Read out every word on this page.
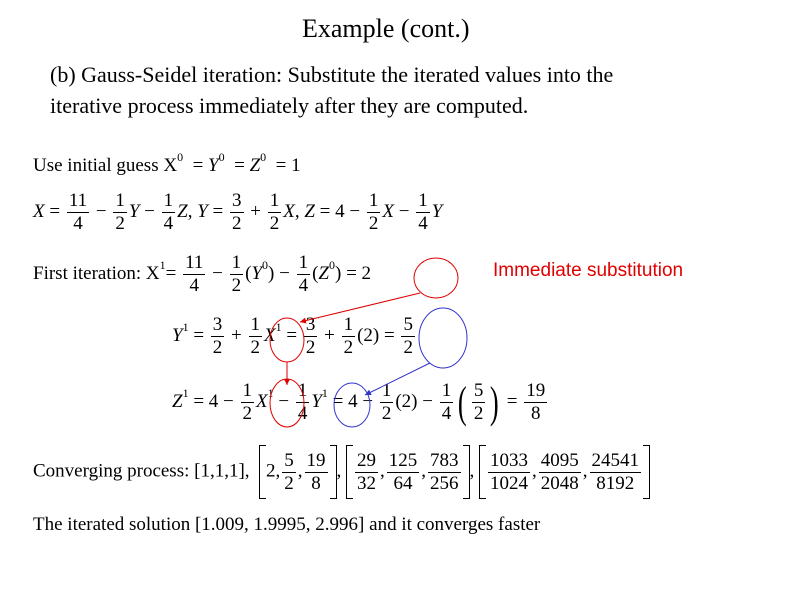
Example (cont.)
(b) Gauss-Seidel iteration: Substitute the iterated values into the
iterative process immediately after they are computed.
Use initial guess $X^0 = Y^0 = Z^0 = 1$
$X = \frac{11}{4} - \frac{1}{2}$ $Y - \frac{1}{4} Z$, $Y = \frac{3}{2} + \frac{1}{2} X$, $Z = 4 - \frac{1}{2}$ $X - \frac{1}{4}$ Y
First iteration: $X^1= \frac{11}{4} - \frac{1}{2} (Y^0) - \frac{1}{4} (Z^0) = 2$	Immediate substitution
$Y^1 = \frac{3}{2} + \frac{1}{2} X^1 = \frac{3}{2} + \frac{1}{2} (2) = \frac{5}{2}$
$Z^1 = 4 - \frac{1}{2} X^1 - \frac{1}{4} Y^1 = 4 - \frac{1}{2} (2) - \frac{1}{4}$ ( $\frac{5}{2}$ ) = $\frac{19}{8}$
Converging process: [1,1,1], 2, $\frac{5}{2}$ , $\frac{19}{8}$ , $\frac{29}{32}$ , $\frac{125}{64}$ , $\frac{783}{256}$ , $\frac{1033}{1024}$ , $\frac{4095}{2048}$ , $\frac{24541}{8192}$
The iterated solution [1.009, 1.9995, 2.996] and it converges faster
